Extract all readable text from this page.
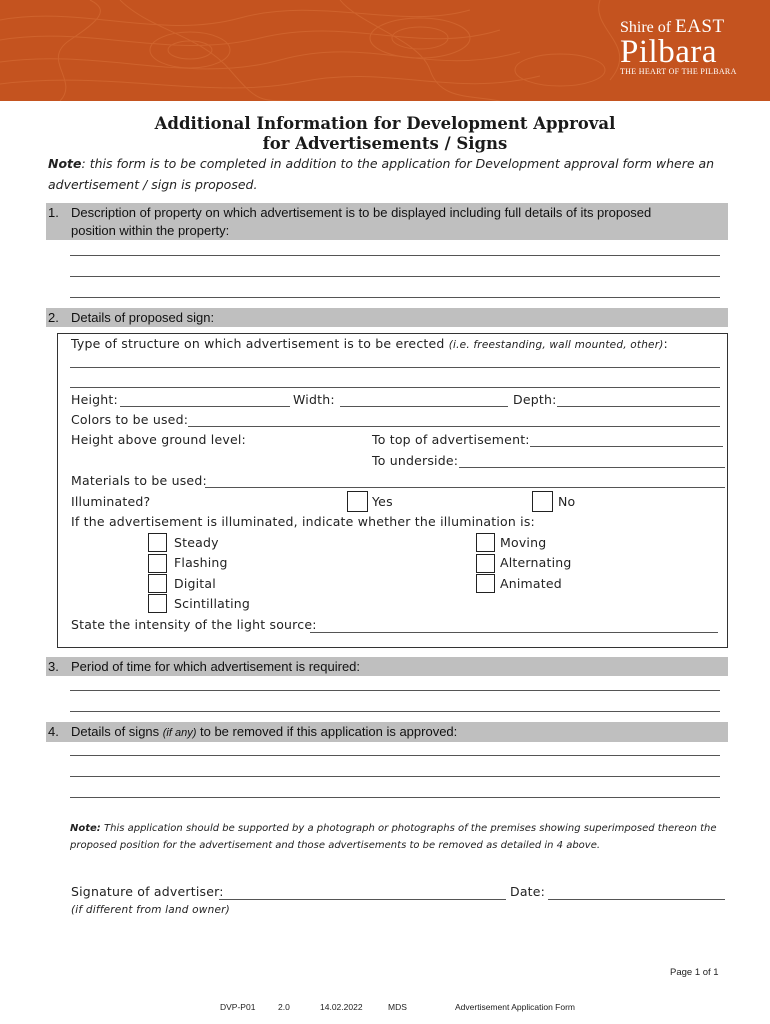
Shire of EAST
Pilbara
THE HEART OF THE PILBARA
Additional Information for Development Approval
for Advertisements / Signs
Note: this form is to be completed in addition to the application for Development approval form where an advertisement / sign is proposed.
1. Description of property on which advertisement is to be displayed including full details of its proposed
position within the property:
2. Details of proposed sign:
Type of structure on which advertisement is to be erected (i.e. freestanding, wall mounted, other):
Height:	Width:	Depth:
Colors to be used:
Height above ground level:	To top of advertisement:
To underside:
Materials to be used:
Illuminated?	Yes	No
If the advertisement is illuminated, indicate whether the illumination is:
Steady
Flashing
Digital
Scintillating
Moving
Alternating
Animated
State the intensity of the light source:
3. Period of time for which advertisement is required:
4. Details of signs (if any) to be removed if this application is approved:
Note: This application should be supported by a photograph or photographs of the premises showing superimposed thereon the proposed position for the advertisement and those advertisements to be removed as detailed in 4 above.
Signature of advertiser:	Date:
(if different from land owner)
Page 1 of 1
DVP-P01	2.0	14.02.2022	MDS	Advertisement Application Form
